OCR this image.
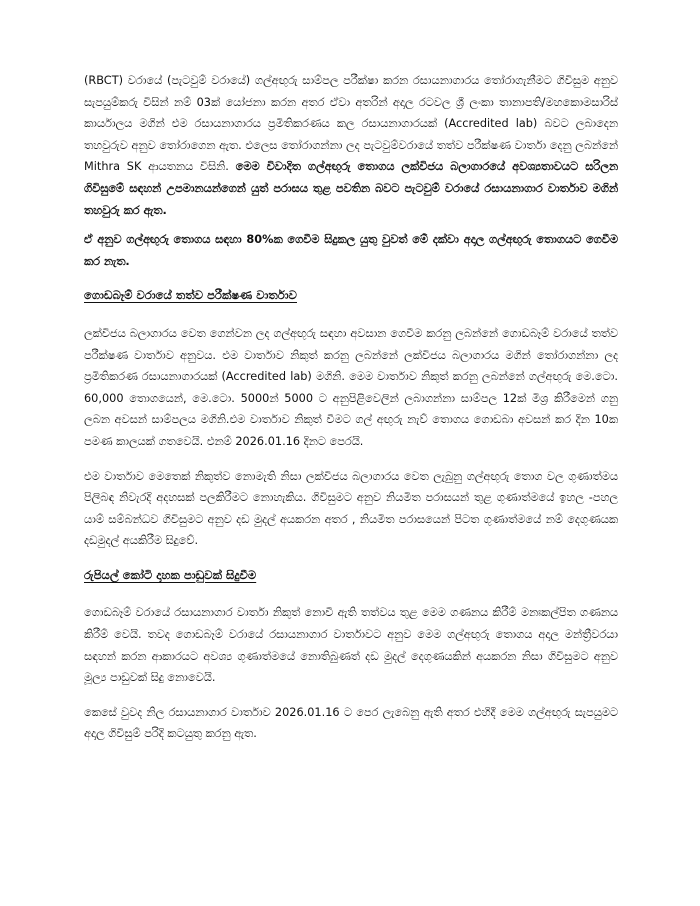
(RBCT) වරායේ (පැටවුම් වරායේ) ගල්අඟුරු සාම්පල පරීක්ෂා කරන රසායනාගාරය තෝරාගැනීමට ගිවිසුම අනුව සැපයුම්කරු විසින් නම් 03ක් යෝජනා කරන අතර ඒවා අතරින් අදාල රටවල ශ්‍රී ලංකා තානාපති/මහකොමසාරිස් කාර්යාලය මගින් එම රසායනාගාරය ප්‍රමිතිකරණය කල රසායනාගාරයක් (Accredited lab) බවට ලබාදෙන තහවුරුව අනුව තෝරාගෙන ඇත. එලෙස තෝරාගන්නා ලද පැටවුම්වරායේ තත්ව පරීක්ෂණ වාර්තා දෙනු ලබන්නේ Mithra SK ආයතනය විසිනි. මෙම විවාදිත ගල්අඟුරු තොගය ලක්විජය බලාගාරයේ අවශ්‍යතාවයට සරිලන ගිවිසුමේ සඳහන් උපමානයන්ගෙන් යුත් පරාසය තුළ පවතින බවට පැටවුම් වරායේ රසායනාගාර වාර්තාව මගින් තහවුරු කර ඇත.

ඒ අනුව ගල්අඟුරු තොගය සඳහා 80%ක ගෙවීම සිදුකල යුතු වුවත් මේ දක්වා අදාල ගල්අඟුරු තොගයට ගෙවීම කර නැත.

ගොඩබෑම් වරායේ තත්ව පරීක්ෂණ වාර්තාව

ලක්විජය බලාගාරය වෙත ගෙන්වන ලද ගල්අඟුරු සඳහා අවසාන ගෙවීම කරනු ලබන්නේ ගොඩබෑම් වරායේ තත්ව පරීක්ෂණ වාර්තාව අනුවය. එම වාර්තාව නිකුත් කරනු ලබන්නේ ලක්විජය බලාගාරය මගින් තෝරාගන්නා ලද ප්‍රමිතිකරණ රසායනාගාරයක් (Accredited lab) මගිනි. මෙම වාර්තාව නිකුත් කරනු ලබන්නේ ගල්අඟුරු මෙ.ටො. 60,000 තොගයෙන්, මෙ.ටො. 5000න් 5000 ට අනුපිළිවෙලින් ලබාගන්නා සාම්පල 12ක් මිශ්‍ර කිරීමෙන් ගනු ලබන අවසන් සාම්පලය මගිනි.එම වාර්තාව නිකුත් වීමට ගල් අඟුරු නැව් තොගය ගොඩබා අවසන් කර දින 10ක පමණ කාලයක් ගතවෙයි. එනම් 2026.01.16 දිනට පෙරයි.

එම වාර්තාව මෙතෙක් නිකුත්ව නොමැති නිසා ලක්විජය බලාගාරය වෙත ලැබුනු ගල්අඟුරු තොග වල ගුණාත්මය පිලිබඳ නිවැරදි අදහසක් පලකිරීමට නොහැකිය. ගිවිසුමට අනුව නියමිත පරාසයන් තුළ ගුණාත්මයේ ඉහල -පහල යාම් සම්බන්ධව ගිවිසුමට අනුව දඩ මුදල් අයකරන අතර , නියමිත පරාසයෙන් පිටත ගුණාත්මයේ නම් දෙගුණයක දඩමුදල් අයකිරීම සිදුවේ.

රුපියල් කෝටි දාහක පාඩුවක් සිදුවීම

ගොඩබෑම් වරායේ රසායනාගාර වාර්තා නිකුත් නොවී ඇති තත්වය තුළ මෙම ගණනය කිරීම් මනඃකල්පිත ගණනය කිරීම් වෙයි. තවද ගොඩබෑම් වරායේ රසායනාගාර වාර්තාවට අනුව මෙම ගල්අඟුරු තොගය අදාල මන්ත්‍රීවරයා සඳහන් කරන ආකාරයට අවශ්‍ය ගුණාත්මයේ නොතිබුණත් දඩ මුදල් දෙගුණයකින් අයකරන නිසා ගිවිසුමට අනුව මූල්‍ය පාඩුවක් සිදු නොවෙයි.

කෙසේ වුවද නිල රසායනාගාර වාර්තාව 2026.01.16 ට පෙර ලැබෙනු ඇති අතර එහිදී මෙම ගල්අඟුරු සැපයුමට අදාල ගිවිසුම් පරිදි කටයුතු කරනු ඇත.
